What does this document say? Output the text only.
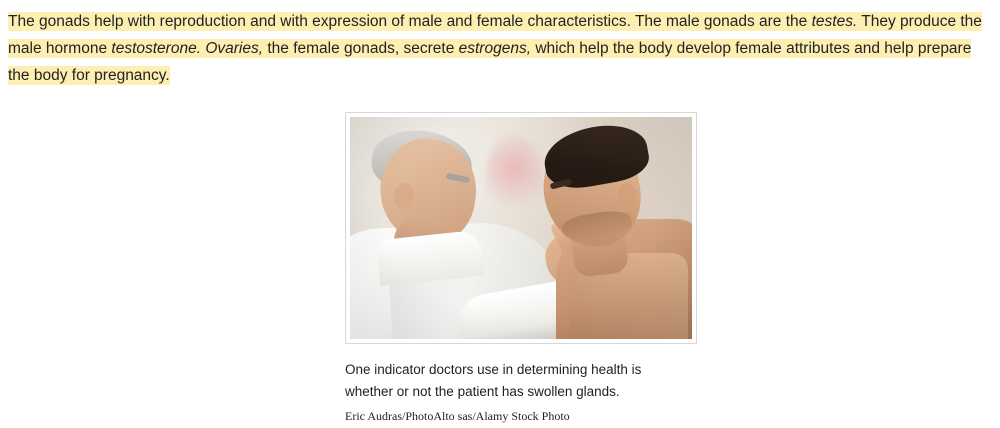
The gonads help with reproduction and with expression of male and female characteristics. The male gonads are the testes. They produce the male hormone testosterone. Ovaries, the female gonads, secrete estrogens, which help the body develop female attributes and help prepare the body for pregnancy.

One indicator doctors use in determining health is whether or not the patient has swollen glands.
Eric Audras/PhotoAlto sas/Alamy Stock Photo
